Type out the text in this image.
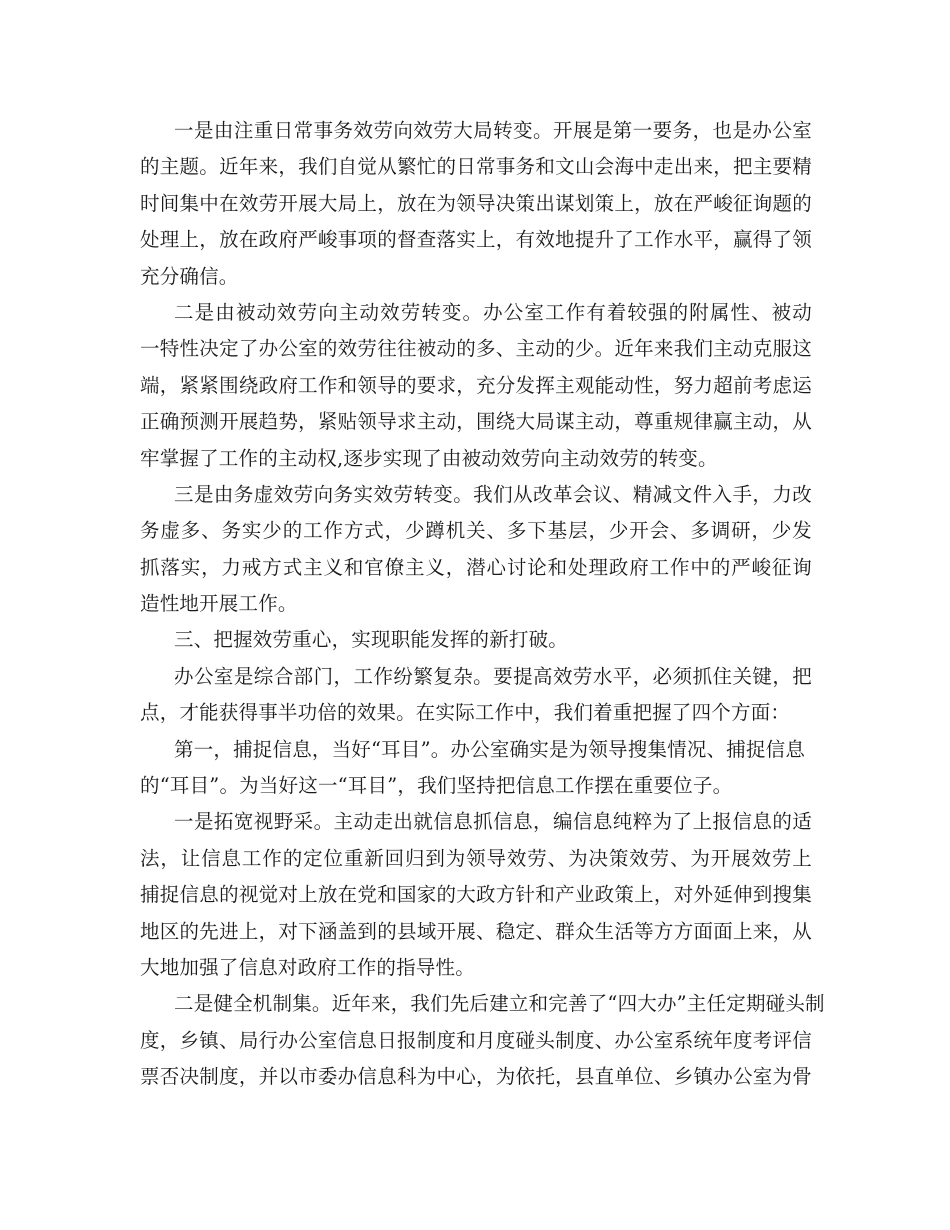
一是由注重日常事务效劳向效劳大局转变。开展是第一要务，也是办公室
的主题。近年来，我们自觉从繁忙的日常事务和文山会海中走出来，把主要精
时间集中在效劳开展大局上，放在为领导决策出谋划策上，放在严峻征询题的
处理上，放在政府严峻事项的督查落实上，有效地提升了工作水平，赢得了领
充分确信。
二是由被动效劳向主动效劳转变。办公室工作有着较强的附属性、被动
一特性决定了办公室的效劳往往被动的多、主动的少。近年来我们主动克服这
端，紧紧围绕政府工作和领导的要求，充分发挥主观能动性，努力超前考虑运
正确预测开展趋势，紧贴领导求主动，围绕大局谋主动，尊重规律赢主动，从
牢掌握了工作的主动权,逐步实现了由被动效劳向主动效劳的转变。
三是由务虚效劳向务实效劳转变。我们从改革会议、精减文件入手，力改
务虚多、务实少的工作方式，少蹲机关、多下基层，少开会、多调研，少发
抓落实，力戒方式主义和官僚主义，潜心讨论和处理政府工作中的严峻征询
造性地开展工作。
三、把握效劳重心，实现职能发挥的新打破。
办公室是综合部门，工作纷繁复杂。要提高效劳水平，必须抓住关键，把
点，才能获得事半功倍的效果。在实际工作中，我们着重把握了四个方面：
第一，捕捉信息，当好“耳目”。办公室确实是为领导搜集情况、捕捉信息
的“耳目”。为当好这一“耳目”，我们坚持把信息工作摆在重要位子。
一是拓宽视野采。主动走出就信息抓信息，编信息纯粹为了上报信息的适
法，让信息工作的定位重新回归到为领导效劳、为决策效劳、为开展效劳上
捕捉信息的视觉对上放在党和国家的大政方针和产业政策上，对外延伸到搜集
地区的先进上，对下涵盖到的县域开展、稳定、群众生活等方方面面上来，从
大地加强了信息对政府工作的指导性。
二是健全机制集。近年来，我们先后建立和完善了“四大办”主任定期碰头制
度，乡镇、局行办公室信息日报制度和月度碰头制度、办公室系统年度考评信
票否决制度，并以市委办信息科为中心，为依托，县直单位、乡镇办公室为骨
